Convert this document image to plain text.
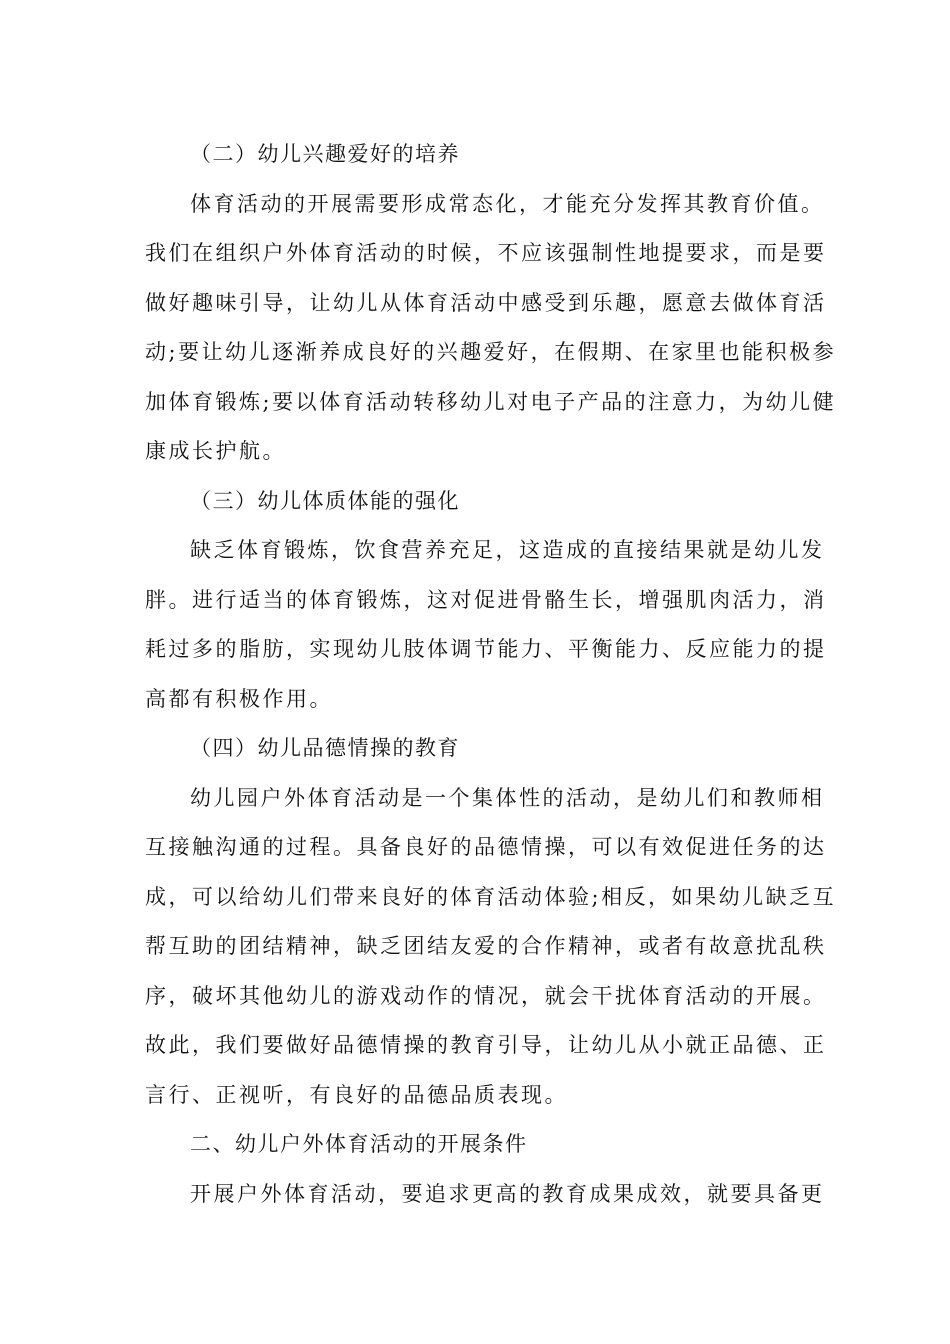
（二）幼儿兴趣爱好的培养
体育活动的开展需要形成常态化，才能充分发挥其教育价值。
我们在组织户外体育活动的时候，不应该强制性地提要求，而是要
做好趣味引导，让幼儿从体育活动中感受到乐趣，愿意去做体育活
动;要让幼儿逐渐养成良好的兴趣爱好，在假期、在家里也能积极参
加体育锻炼;要以体育活动转移幼儿对电子产品的注意力，为幼儿健
康成长护航。
（三）幼儿体质体能的强化
缺乏体育锻炼，饮食营养充足，这造成的直接结果就是幼儿发
胖。进行适当的体育锻炼，这对促进骨骼生长，增强肌肉活力，消
耗过多的脂肪，实现幼儿肢体调节能力、平衡能力、反应能力的提
高都有积极作用。
（四）幼儿品德情操的教育
幼儿园户外体育活动是一个集体性的活动，是幼儿们和教师相
互接触沟通的过程。具备良好的品德情操，可以有效促进任务的达
成，可以给幼儿们带来良好的体育活动体验;相反，如果幼儿缺乏互
帮互助的团结精神，缺乏团结友爱的合作精神，或者有故意扰乱秩
序，破坏其他幼儿的游戏动作的情况，就会干扰体育活动的开展。
故此，我们要做好品德情操的教育引导，让幼儿从小就正品德、正
言行、正视听，有良好的品德品质表现。
二、幼儿户外体育活动的开展条件
开展户外体育活动，要追求更高的教育成果成效，就要具备更
